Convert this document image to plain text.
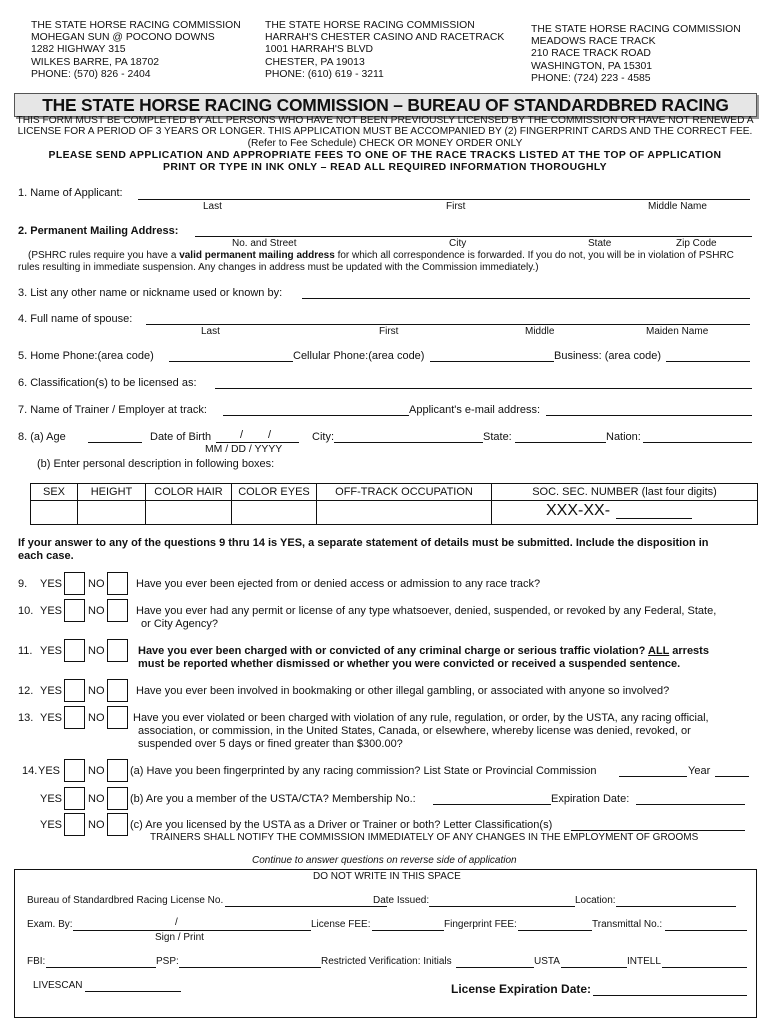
THE STATE HORSE RACING COMMISSION
MOHEGAN SUN @ POCONO DOWNS
1282 HIGHWAY 315
WILKES BARRE, PA 18702
PHONE: (570) 826 - 2404
THE STATE HORSE RACING COMMISSION
HARRAH'S CHESTER CASINO AND RACETRACK
1001 HARRAH'S BLVD
CHESTER, PA 19013
PHONE: (610) 619 - 3211
THE STATE HORSE RACING COMMISSION
MEADOWS RACE TRACK
210 RACE TRACK ROAD
WASHINGTON, PA 15301
PHONE: (724) 223 - 4585
THE STATE HORSE RACING COMMISSION – BUREAU OF STANDARDBRED RACING
THIS FORM MUST BE COMPLETED BY ALL PERSONS WHO HAVE NOT BEEN PREVIOUSLY LICENSED BY THE COMMISSION OR HAVE NOT RENEWED A
LICENSE FOR A PERIOD OF 3 YEARS OR LONGER. THIS APPLICATION MUST BE ACCOMPANIED BY (2) FINGERPRINT CARDS AND THE CORRECT FEE.
(Refer to Fee Schedule) CHECK OR MONEY ORDER ONLY
PLEASE SEND APPLICATION AND APPROPRIATE FEES TO ONE OF THE RACE TRACKS LISTED AT THE TOP OF APPLICATION
PRINT OR TYPE IN INK ONLY – READ ALL REQUIRED INFORMATION THOROUGHLY
1. Name of Applicant:
Last	First	Middle Name
2. Permanent Mailing Address:
No. and Street	City	State	Zip Code
(PSHRC rules require you have a valid permanent mailing address for which all correspondence is forwarded. If you do not, you will be in violation of PSHRC
rules resulting in immediate suspension. Any changes in address must be updated with the Commission immediately.)
3. List any other name or nickname used or known by:
4. Full name of spouse:
Last	First	Middle	Maiden Name
5. Home Phone:(area code)	Cellular Phone:(area code)	Business: (area code)
6. Classification(s) to be licensed as:
7. Name of Trainer / Employer at track:	Applicant's e-mail address:
8. (a) Age	Date of Birth	/ /	City:	State:	Nation:
MM / DD / YYYY
(b) Enter personal description in following boxes:
SEX	HEIGHT	COLOR HAIR	COLOR EYES	OFF-TRACK OCCUPATION	SOC. SEC. NUMBER (last four digits)
XXX-XX-
If your answer to any of the questions 9 thru 14 is YES, a separate statement of details must be submitted. Include the disposition in
each case.
9. YES NO	Have you ever been ejected from or denied access or admission to any race track?
10. YES NO	Have you ever had any permit or license of any type whatsoever, denied, suspended, or revoked by any Federal, State,
or City Agency?
11. YES NO	Have you ever been charged with or convicted of any criminal charge or serious traffic violation? ALL arrests
must be reported whether dismissed or whether you were convicted or received a suspended sentence.
12. YES NO	Have you ever been involved in bookmaking or other illegal gambling, or associated with anyone so involved?
13. YES NO	Have you ever violated or been charged with violation of any rule, regulation, or order, by the USTA, any racing official,
association, or commission, in the United States, Canada, or elsewhere, whereby license was denied, revoked, or
suspended over 5 days or fined greater than $300.00?
14. YES	NO (a) Have you been fingerprinted by any racing commission? List State or Provincial Commission	Year
YES NO (b) Are you a member of the USTA/CTA? Membership No.:	Expiration Date:
YES NO (c) Are you licensed by the USTA as a Driver or Trainer or both? Letter Classification(s)
TRAINERS SHALL NOTIFY THE COMMISSION IMMEDIATELY OF ANY CHANGES IN THE EMPLOYMENT OF GROOMS
Continue to answer questions on reverse side of application
DO NOT WRITE IN THIS SPACE
Bureau of Standardbred Racing License No.	Date Issued:	Location:
Exam. By:	/	License FEE:	Fingerprint FEE:	Transmittal No.:
Sign / Print
FBI:	PSP:	Restricted Verification: Initials	USTA	INTELL
LIVESCAN	License Expiration Date:
